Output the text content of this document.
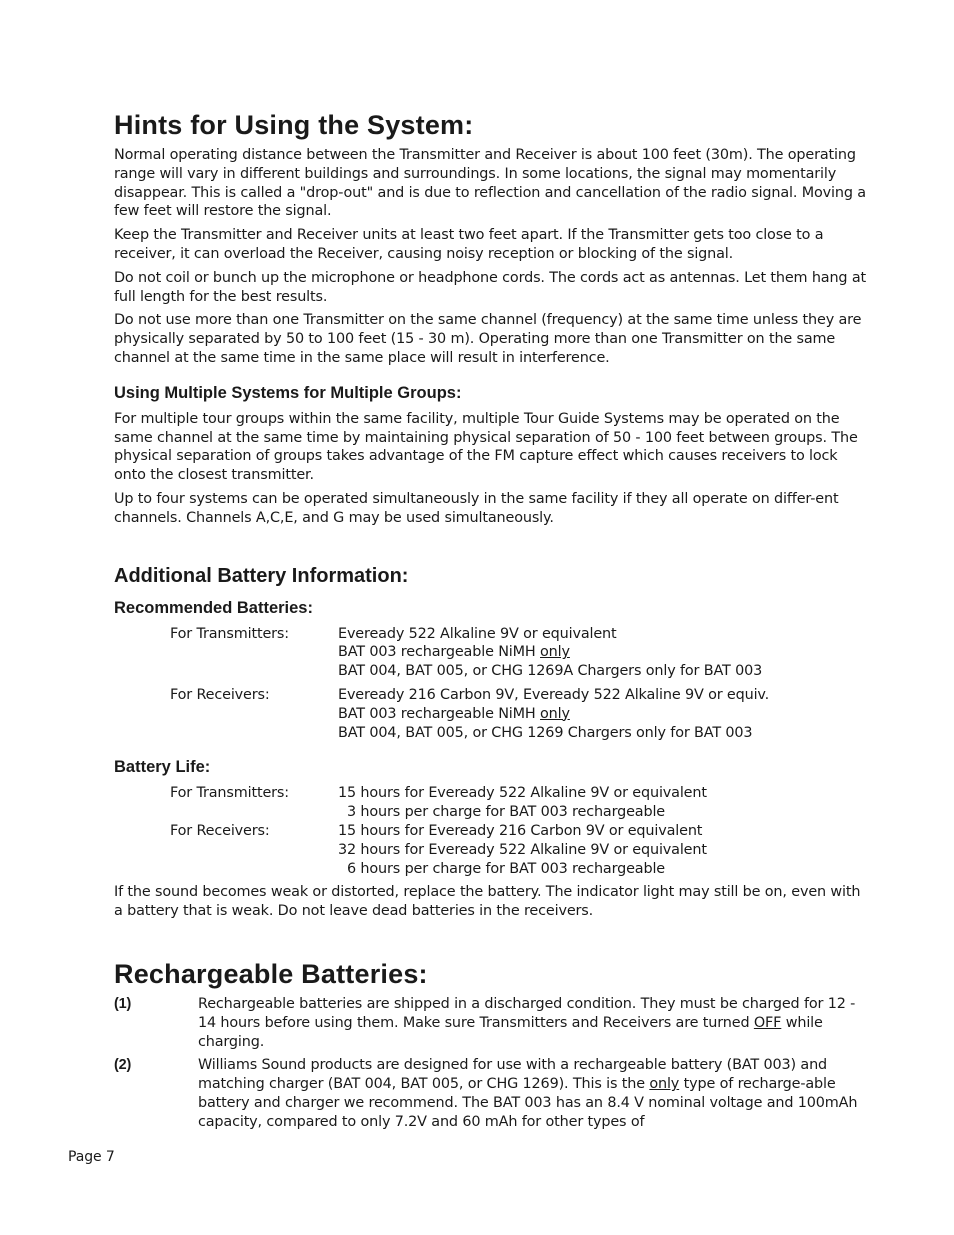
Hints for Using the System:

Normal operating distance between the Transmitter and Receiver is about 100 feet (30m). The operating range will vary in different buildings and surroundings. In some locations, the signal may momentarily disappear. This is called a "drop-out" and is due to reflection and cancellation of the radio signal. Moving a few feet will restore the signal.

Keep the Transmitter and Receiver units at least two feet apart. If the Transmitter gets too close to a receiver, it can overload the Receiver, causing noisy reception or blocking of the signal.

Do not coil or bunch up the microphone or headphone cords. The cords act as antennas. Let them hang at full length for the best results.

Do not use more than one Transmitter on the same channel (frequency) at the same time unless they are physically separated by 50 to 100 feet (15 - 30 m). Operating more than one Transmitter on the same channel at the same time in the same place will result in interference.

Using Multiple Systems for Multiple Groups:

For multiple tour groups within the same facility, multiple Tour Guide Systems may be operated on the same channel at the same time by maintaining physical separation of 50 - 100 feet between groups. The physical separation of groups takes advantage of the FM capture effect which causes receivers to lock onto the closest transmitter.

Up to four systems can be operated simultaneously in the same facility if they all operate on differ-ent channels. Channels A,C,E, and G may be used simultaneously.

Additional Battery Information:
Recommended Batteries:
For Transmitters:	Eveready 522 Alkaline 9V or equivalent
BAT 003 rechargeable NiMH only
BAT 004, BAT 005, or CHG 1269A Chargers only for BAT 003
For Receivers:	Eveready 216 Carbon 9V, Eveready 522 Alkaline 9V or equiv.
BAT 003 rechargeable NiMH only
BAT 004, BAT 005, or CHG 1269 Chargers only for BAT 003
Battery Life:
For Transmitters:	15 hours for Eveready 522 Alkaline 9V or equivalent
3 hours per charge for BAT 003 rechargeable
For Receivers:	15 hours for Eveready 216 Carbon 9V or equivalent
32 hours for Eveready 522 Alkaline 9V or equivalent
6 hours per charge for BAT 003 rechargeable

If the sound becomes weak or distorted, replace the battery. The indicator light may still be on, even with a battery that is weak. Do not leave dead batteries in the receivers.

Rechargeable Batteries:
(1)	Rechargeable batteries are shipped in a discharged condition. They must be charged for 12 - 14 hours before using them. Make sure Transmitters and Receivers are turned OFF while charging.
(2)	Williams Sound products are designed for use with a rechargeable battery (BAT 003) and matching charger (BAT 004, BAT 005, or CHG 1269). This is the only type of recharge-able battery and charger we recommend. The BAT 003 has an 8.4 V nominal voltage and 100mAh capacity, compared to only 7.2V and 60 mAh for other types of
Page 7
